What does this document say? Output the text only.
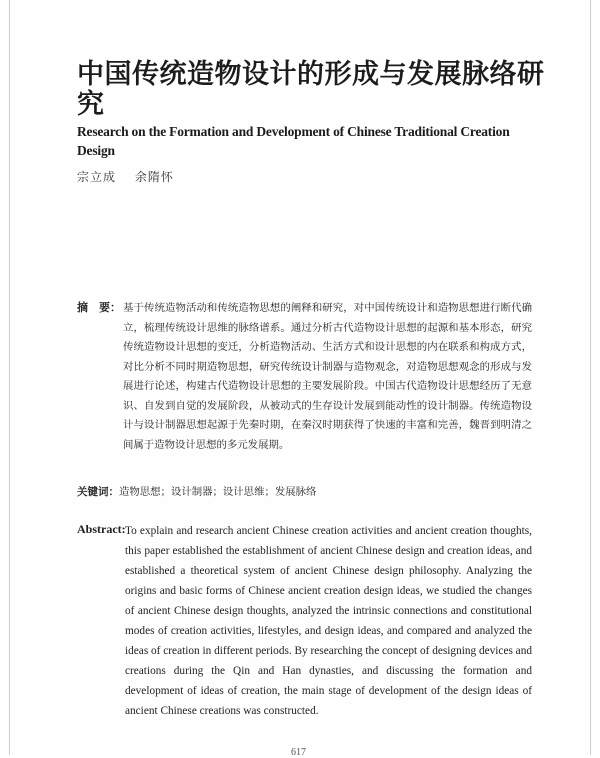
中国传统造物设计的形成与发展脉络研究
Research on the Formation and Development of Chinese Traditional Creation Design
宗立成 余隋怀
摘　要： 基于传统造物活动和传统造物思想的阐释和研究，对中国传统设计和造物思想进行断代确立，梳理传统设计思维的脉络谱系。通过分析古代造物设计思想的起源和基本形态，研究传统造物设计思想的变迁，分析造物活动、生活方式和设计思想的内在联系和构成方式，对比分析不同时期造物思想，研究传统设计制器与造物观念，对造物思想观念的形成与发展进行论述，构建古代造物设计思想的主要发展阶段。中国古代造物设计思想经历了无意识、自发到自觉的发展阶段，从被动式的生存设计发展到能动性的设计制器。传统造物设计与设计制器思想起源于先秦时期，在秦汉时期获得了快速的丰富和完善，魏晋到明清之间属于造物设计思想的多元发展期。
关键词：造物思想；设计制器；设计思维；发展脉络
Abstract: To explain and research ancient Chinese creation activities and ancient creation thoughts, this paper established the establishment of ancient Chinese design and creation ideas, and established a theoretical system of ancient Chinese design philosophy. Analyzing the origins and basic forms of Chinese ancient creation design ideas, we studied the changes of ancient Chinese design thoughts, analyzed the intrinsic connections and constitutional modes of creation activities, lifestyles, and design ideas, and compared and analyzed the ideas of creation in different periods. By researching the concept of designing devices and creations during the Qin and Han dynasties, and discussing the formation and development of ideas of creation, the main stage of development of the design ideas of ancient Chinese creations was constructed.
617
